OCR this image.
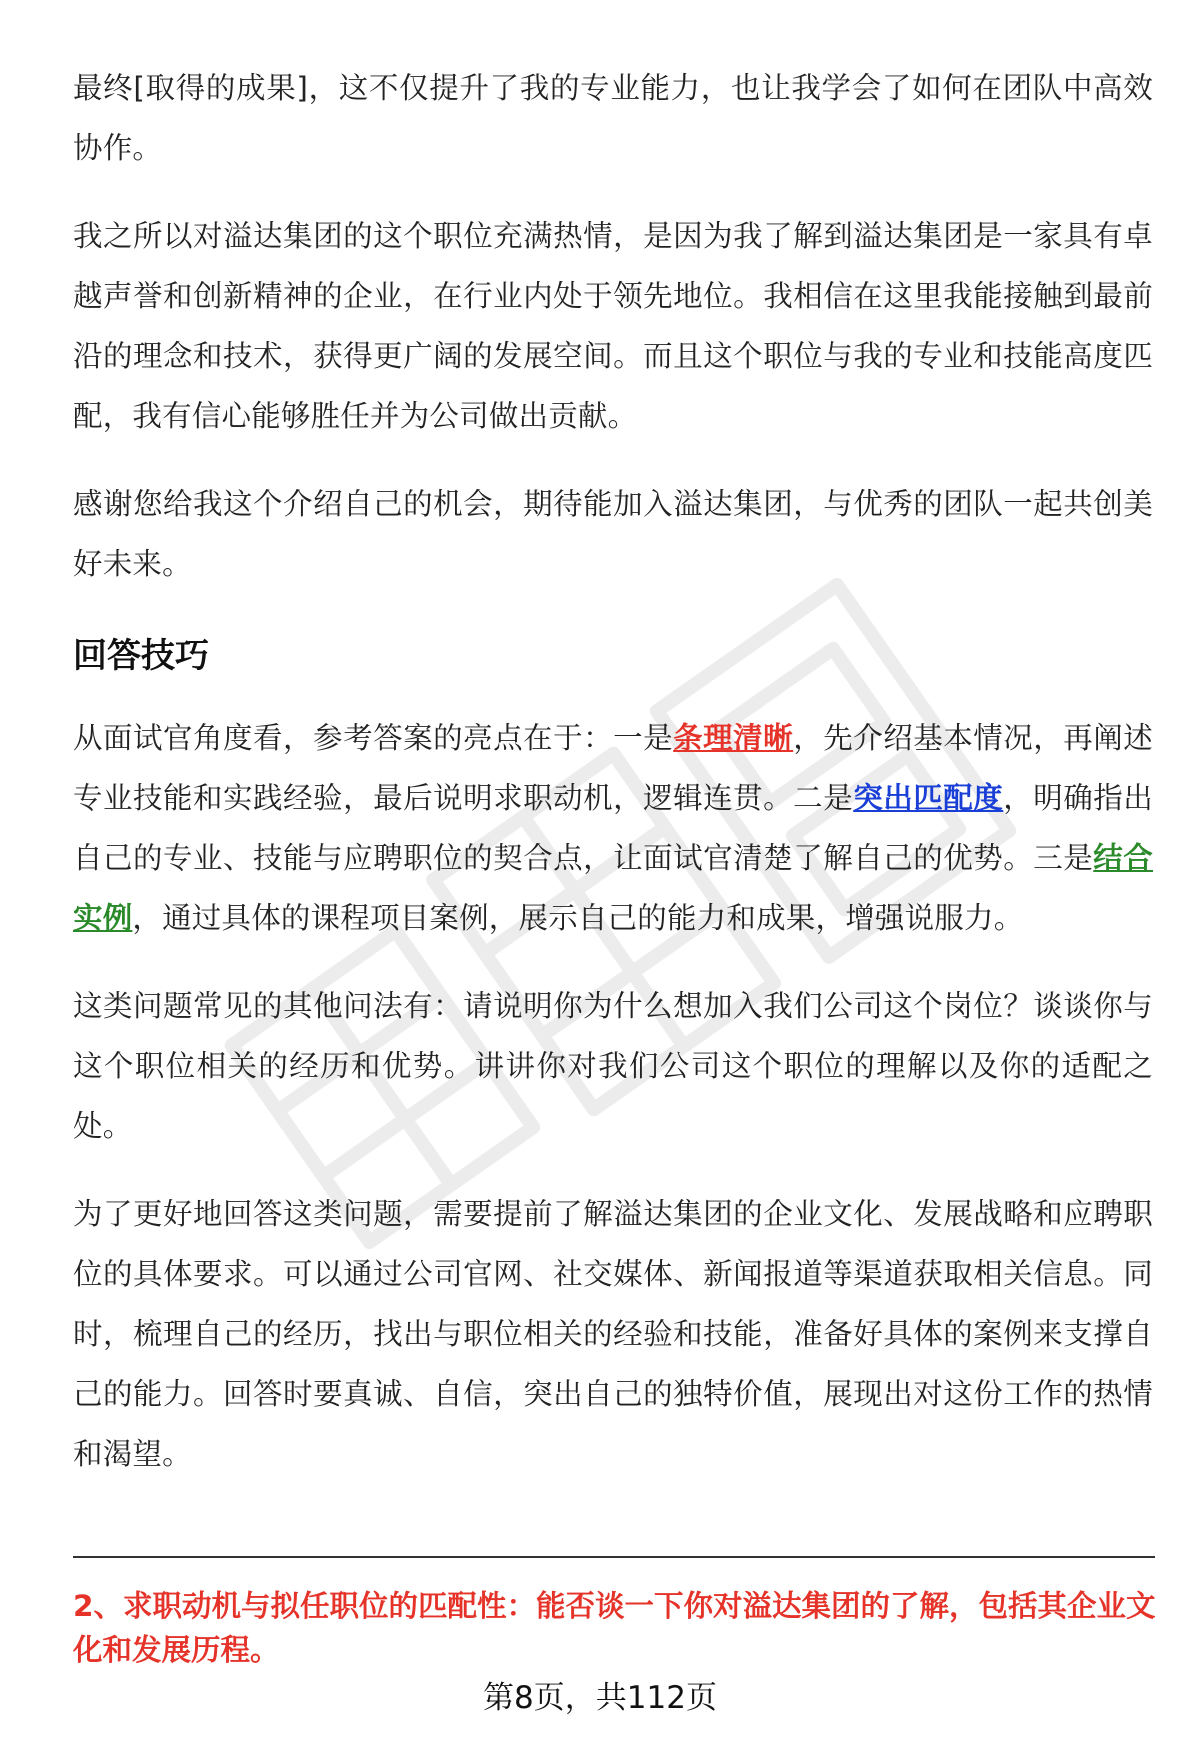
最终[取得的成果]，这不仅提升了我的专业能力，也让我学会了如何在团队中高效协作。

我之所以对溢达集团的这个职位充满热情，是因为我了解到溢达集团是一家具有卓越声誉和创新精神的企业，在行业内处于领先地位。我相信在这里我能接触到最前沿的理念和技术，获得更广阔的发展空间。而且这个职位与我的专业和技能高度匹配，我有信心能够胜任并为公司做出贡献。

感谢您给我这个介绍自己的机会，期待能加入溢达集团，与优秀的团队一起共创美好未来。

回答技巧

从面试官角度看，参考答案的亮点在于：一是条理清晰，先介绍基本情况，再阐述专业技能和实践经验，最后说明求职动机，逻辑连贯。二是突出匹配度，明确指出自己的专业、技能与应聘职位的契合点，让面试官清楚了解自己的优势。三是结合实例，通过具体的课程项目案例，展示自己的能力和成果，增强说服力。

这类问题常见的其他问法有：请说明你为什么想加入我们公司这个岗位？谈谈你与这个职位相关的经历和优势。讲讲你对我们公司这个职位的理解以及你的适配之处。

为了更好地回答这类问题，需要提前了解溢达集团的企业文化、发展战略和应聘职位的具体要求。可以通过公司官网、社交媒体、新闻报道等渠道获取相关信息。同时，梳理自己的经历，找出与职位相关的经验和技能，准备好具体的案例来支撑自己的能力。回答时要真诚、自信，突出自己的独特价值，展现出对这份工作的热情和渴望。

2、求职动机与拟任职位的匹配性：能否谈一下你对溢达集团的了解，包括其企业文化和发展历程。

第8页，共112页
